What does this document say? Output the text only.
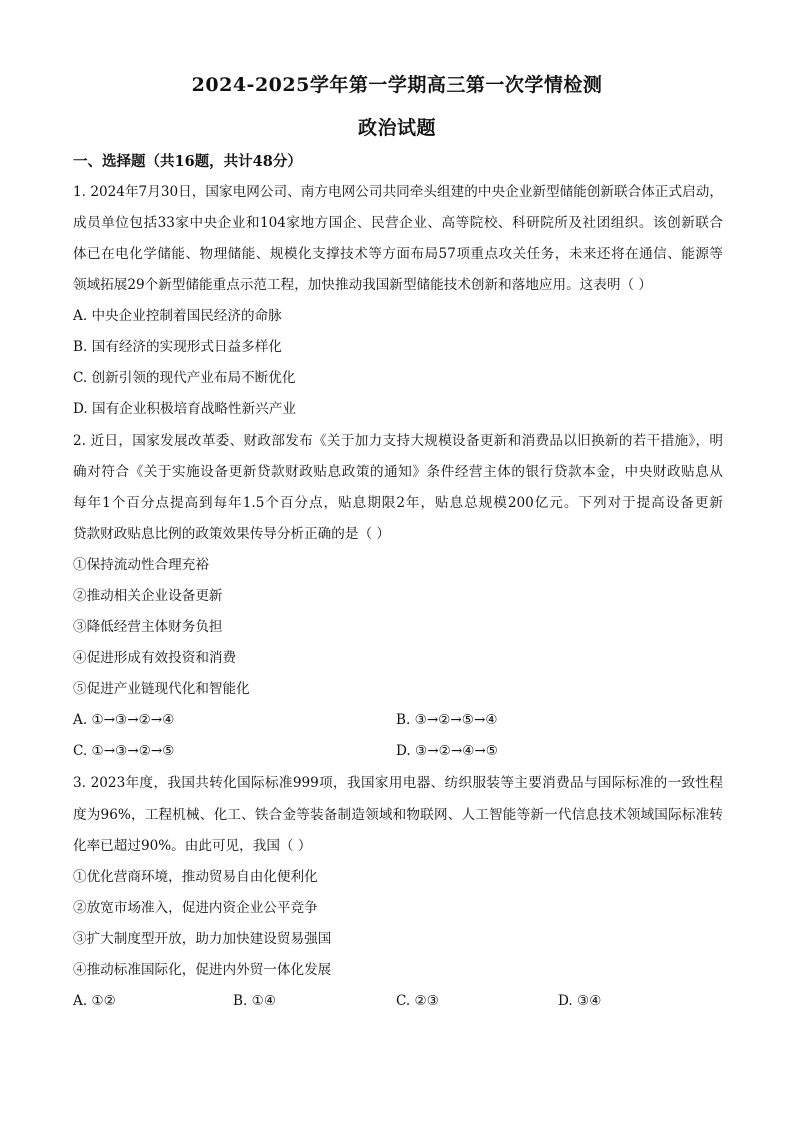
2024-2025学年第一学期高三第一次学情检测
政治试题
一、选择题（共16题，共计48分）
1. 2024年7月30日，国家电网公司、南方电网公司共同牵头组建的中央企业新型储能创新联合体正式启动，
成员单位包括33家中央企业和104家地方国企、民营企业、高等院校、科研院所及社团组织。该创新联合
体已在电化学储能、物理储能、规模化支撑技术等方面布局57项重点攻关任务，未来还将在通信、能源等
领域拓展29个新型储能重点示范工程，加快推动我国新型储能技术创新和落地应用。这表明（ ）
A. 中央企业控制着国民经济的命脉
B. 国有经济的实现形式日益多样化
C. 创新引领的现代产业布局不断优化
D. 国有企业积极培育战略性新兴产业
2. 近日，国家发展改革委、财政部发布《关于加力支持大规模设备更新和消费品以旧换新的若干措施》，明
确对符合《关于实施设备更新贷款财政贴息政策的通知》条件经营主体的银行贷款本金，中央财政贴息从
每年1个百分点提高到每年1.5个百分点，贴息期限2年，贴息总规模200亿元。下列对于提高设备更新
贷款财政贴息比例的政策效果传导分析正确的是（ ）
①保持流动性合理充裕
②推动相关企业设备更新
③降低经营主体财务负担
④促进形成有效投资和消费
⑤促进产业链现代化和智能化
A. ①→③→②→④	B. ③→②→⑤→④
C. ①→③→②→⑤	D. ③→②→④→⑤
3. 2023年度，我国共转化国际标准999项，我国家用电器、纺织服装等主要消费品与国际标准的一致性程
度为96%，工程机械、化工、铁合金等装备制造领域和物联网、人工智能等新一代信息技术领域国际标准转
化率已超过90%。由此可见，我国（ ）
①优化营商环境，推动贸易自由化便利化
②放宽市场准入，促进内资企业公平竞争
③扩大制度型开放，助力加快建设贸易强国
④推动标准国际化，促进内外贸一体化发展
A. ①②	B. ①④	C. ②③	D. ③④
